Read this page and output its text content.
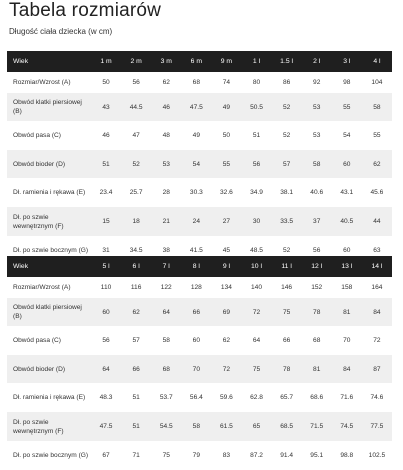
Tabela rozmiarów
Długość ciała dziecka (w cm)
Wiek	1 m	2 m	3 m	6 m	9 m	1 l	1.5 l	2 l	3 l	4 l
Rozmiar/Wzrost (A)	50	56	62	68	74	80	86	92	98	104
Obwód klatki piersiowej (B)	43	44.5	46	47.5	49	50.5	52	53	55	58
Obwód pasa (C)	46	47	48	49	50	51	52	53	54	55
Obwód bioder (D)	51	52	53	54	55	56	57	58	60	62
Dł. ramienia i rękawa (E)	23.4	25.7	28	30.3	32.6	34.9	38.1	40.6	43.1	45.6
Dł. po szwie wewnętrznym (F)	15	18	21	24	27	30	33.5	37	40.5	44
Dł. po szwie bocznym (G)	31	34.5	38	41.5	45	48.5	52	56	60	63
Wiek	5 l	6 l	7 l	8 l	9 l	10 l	11 l	12 l	13 l	14 l
Rozmiar/Wzrost (A)	110	116	122	128	134	140	146	152	158	164
Obwód klatki piersiowej (B)	60	62	64	66	69	72	75	78	81	84
Obwód pasa (C)	56	57	58	60	62	64	66	68	70	72
Obwód bioder (D)	64	66	68	70	72	75	78	81	84	87
Dł. ramienia i rękawa (E)	48.3	51	53.7	56.4	59.6	62.8	65.7	68.6	71.6	74.6
Dł. po szwie wewnętrznym (F)	47.5	51	54.5	58	61.5	65	68.5	71.5	74.5	77.5
Dł. po szwie bocznym (G)	67	71	75	79	83	87.2	91.4	95.1	98.8	102.5
